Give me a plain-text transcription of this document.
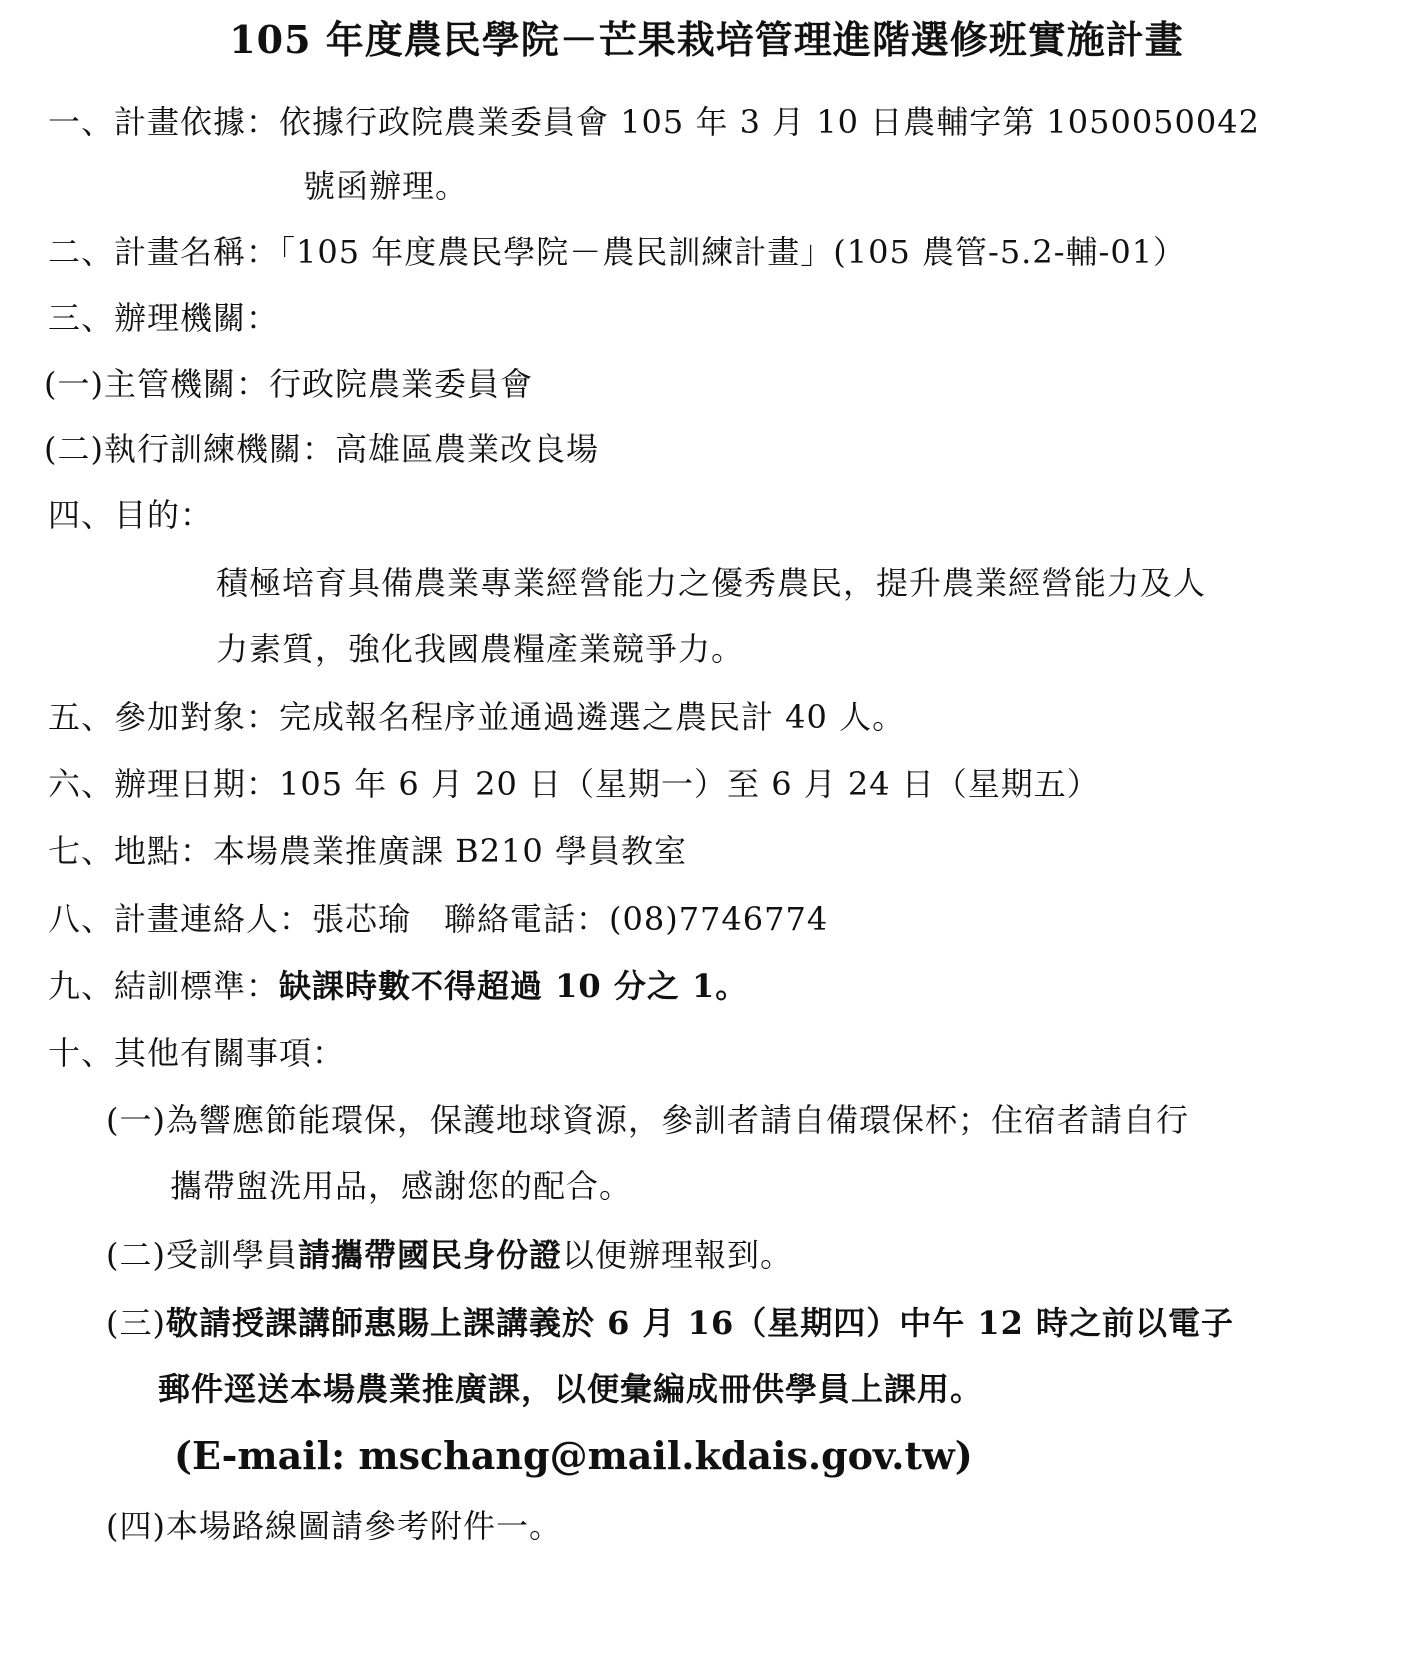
105 年度農民學院－芒果栽培管理進階選修班實施計畫
一、計畫依據：依據行政院農業委員會 105 年 3 月 10 日農輔字第 1050050042
號函辦理。
二、計畫名稱：「105 年度農民學院－農民訓練計畫」(105 農管-5.2-輔-01）
三、辦理機關：
(一)主管機關：行政院農業委員會
(二)執行訓練機關：高雄區農業改良場
四、目的：
積極培育具備農業專業經營能力之優秀農民，提升農業經營能力及人
力素質，強化我國農糧產業競爭力。
五、參加對象：完成報名程序並通過遴選之農民計 40 人。
六、辦理日期：105 年 6 月 20 日（星期一）至 6 月 24 日（星期五）
七、地點：本場農業推廣課 B210 學員教室
八、計畫連絡人：張芯瑜　聯絡電話：(08)7746774
九、結訓標準：缺課時數不得超過 10 分之 1。
十、其他有關事項：
(一)為響應節能環保，保護地球資源，參訓者請自備環保杯；住宿者請自行
攜帶盥洗用品，感謝您的配合。
(二)受訓學員請攜帶國民身份證以便辦理報到。
(三)敬請授課講師惠賜上課講義於 6 月 16（星期四）中午 12 時之前以電子
郵件逕送本場農業推廣課，以便彙編成冊供學員上課用。
(E-mail: mschang@mail.kdais.gov.tw)
(四)本場路線圖請參考附件一。
